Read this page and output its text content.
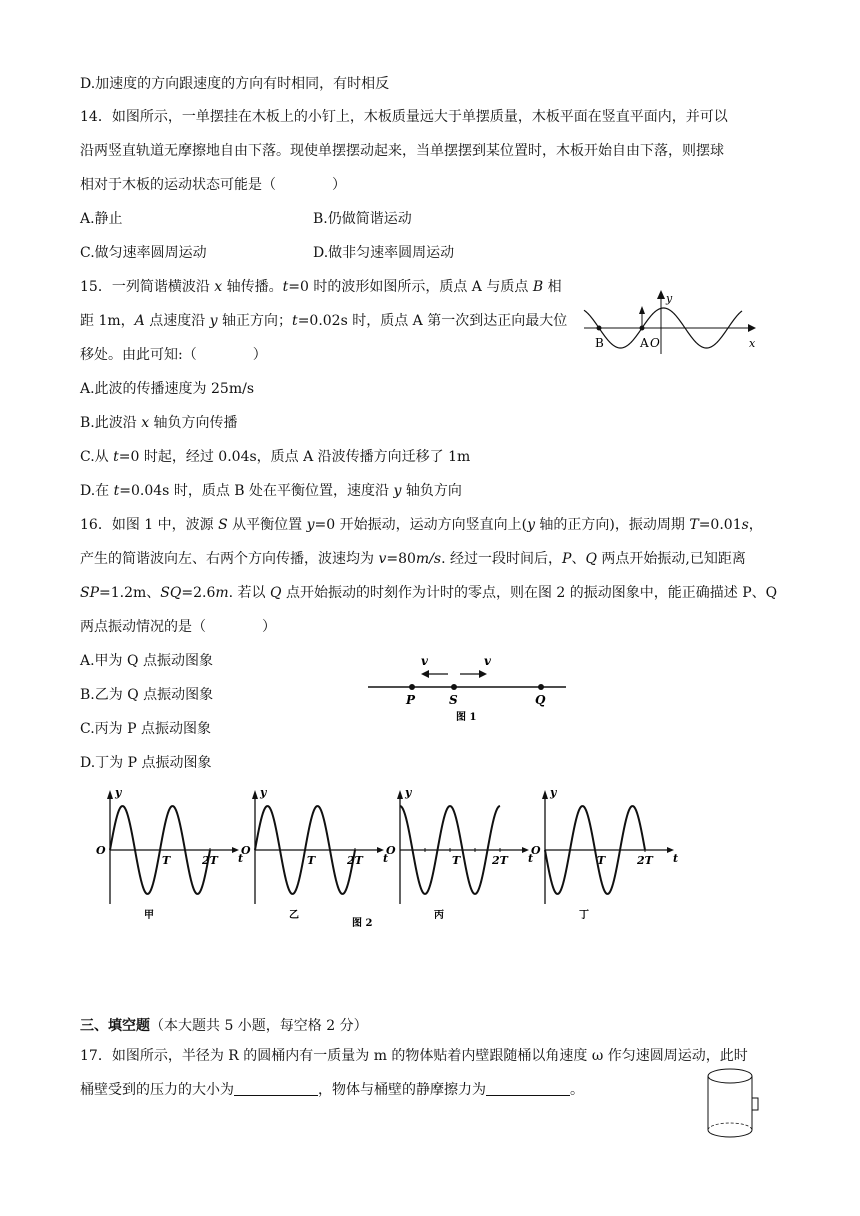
D.加速度的方向跟速度的方向有时相同，有时相反
14．如图所示，一单摆挂在木板上的小钉上，木板质量远大于单摆质量，木板平面在竖直平面内，并可以
沿两竖直轨道无摩擦地自由下落。现使单摆摆动起来，当单摆摆到某位置时，木板开始自由下落，则摆球
相对于木板的运动状态可能是（　　　　）
A.静止	B.仍做简谐运动
C.做匀速率圆周运动	D.做非匀速率圆周运动
15．一列简谐横波沿 x 轴传播。t=0 时的波形如图所示，质点 A 与质点 B 相
距 1m，A 点速度沿 y 轴正方向；t=0.02s 时，质点 A 第一次到达正向最大位
移处。由此可知:（　　　　）
A.此波的传播速度为 25m/s
B.此波沿 x 轴负方向传播
C.从 t=0 时起，经过 0.04s，质点 A 沿波传播方向迁移了 1m
D.在 t=0.04s 时，质点 B 处在平衡位置，速度沿 y 轴负方向
y
x
B	A O
16．如图 1 中，波源 S 从平衡位置 y=0 开始振动，运动方向竖直向上(y 轴的正方向)，振动周期 T=0.01s，
产生的简谐波向左、右两个方向传播，波速均为 v=80m/s. 经过一段时间后，P、Q 两点开始振动,已知距离
SP=1.2m、SQ=2.6m. 若以 Q 点开始振动的时刻作为计时的零点，则在图 2 的振动图象中，能正确描述 P、Q
两点振动情况的是（　　　　）
A.甲为 Q 点振动图象
B.乙为 Q 点振动图象
C.丙为 P 点振动图象
D.丁为 P 点振动图象
v	v
P	S	Q
图 1
y
O
T	2T t
甲
y
O
T	2T t
乙
y
O
T	2T t
丙
y
O
T	2T t
丁
图 2
三、填空题（本大题共 5 小题，每空格 2 分）
17．如图所示，半径为 R 的圆桶内有一质量为 m 的物体贴着内壁跟随桶以角速度 ω 作匀速圆周运动，此时
桶壁受到的压力的大小为	，物体与桶壁的静摩擦力为	。
